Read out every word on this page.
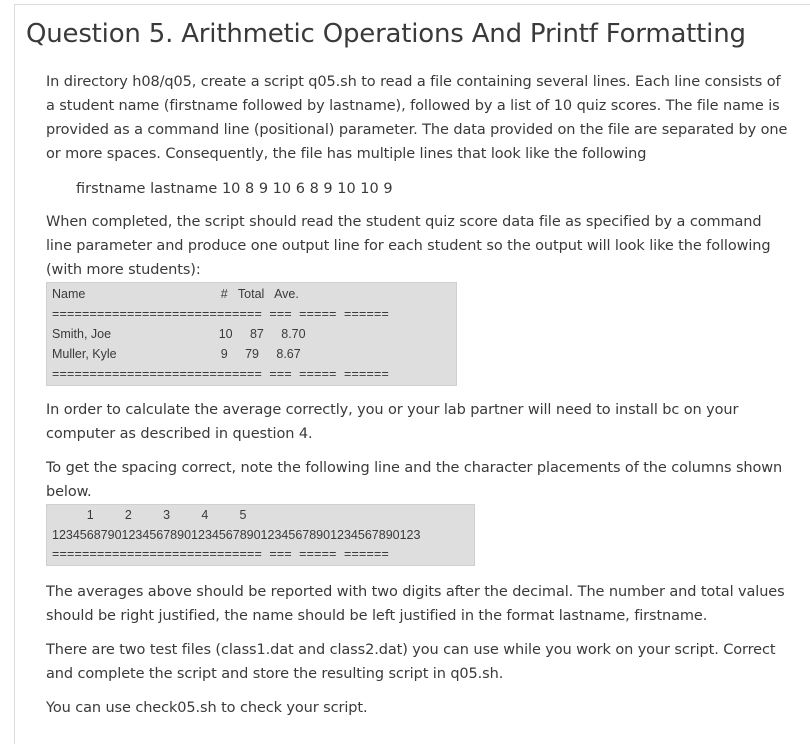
Question 5. Arithmetic Operations And Printf Formatting

In directory h08/q05, create a script q05.sh to read a file containing several lines. Each line consists of a student name (firstname followed by lastname), followed by a list of 10 quiz scores. The file name is provided as a command line (positional) parameter. The data provided on the file are separated by one or more spaces. Consequently, the file has multiple lines that look like the following

firstname lastname 10 8 9 10 6 8 9 10 10 9

When completed, the script should read the student quiz score data file as specified by a command line parameter and produce one output line for each student so the output will look like the following (with more students):

Name                                       #   Total   Ave.
============================  ===  =====  ======
Smith, Joe                               10     87     8.70
Muller, Kyle                              9     79     8.67
============================  ===  =====  ======

In order to calculate the average correctly, you or your lab partner will need to install bc on your computer as described in question 4.

To get the spacing correct, note the following line and the character placements of the columns shown below.

1         2         3         4         5
12345687901234567890123456789012345678901234567890123
============================  ===  =====  ======

The averages above should be reported with two digits after the decimal. The number and total values should be right justified, the name should be left justified in the format lastname, firstname.

There are two test files (class1.dat and class2.dat) you can use while you work on your script. Correct and complete the script and store the resulting script in q05.sh.

You can use check05.sh to check your script.
